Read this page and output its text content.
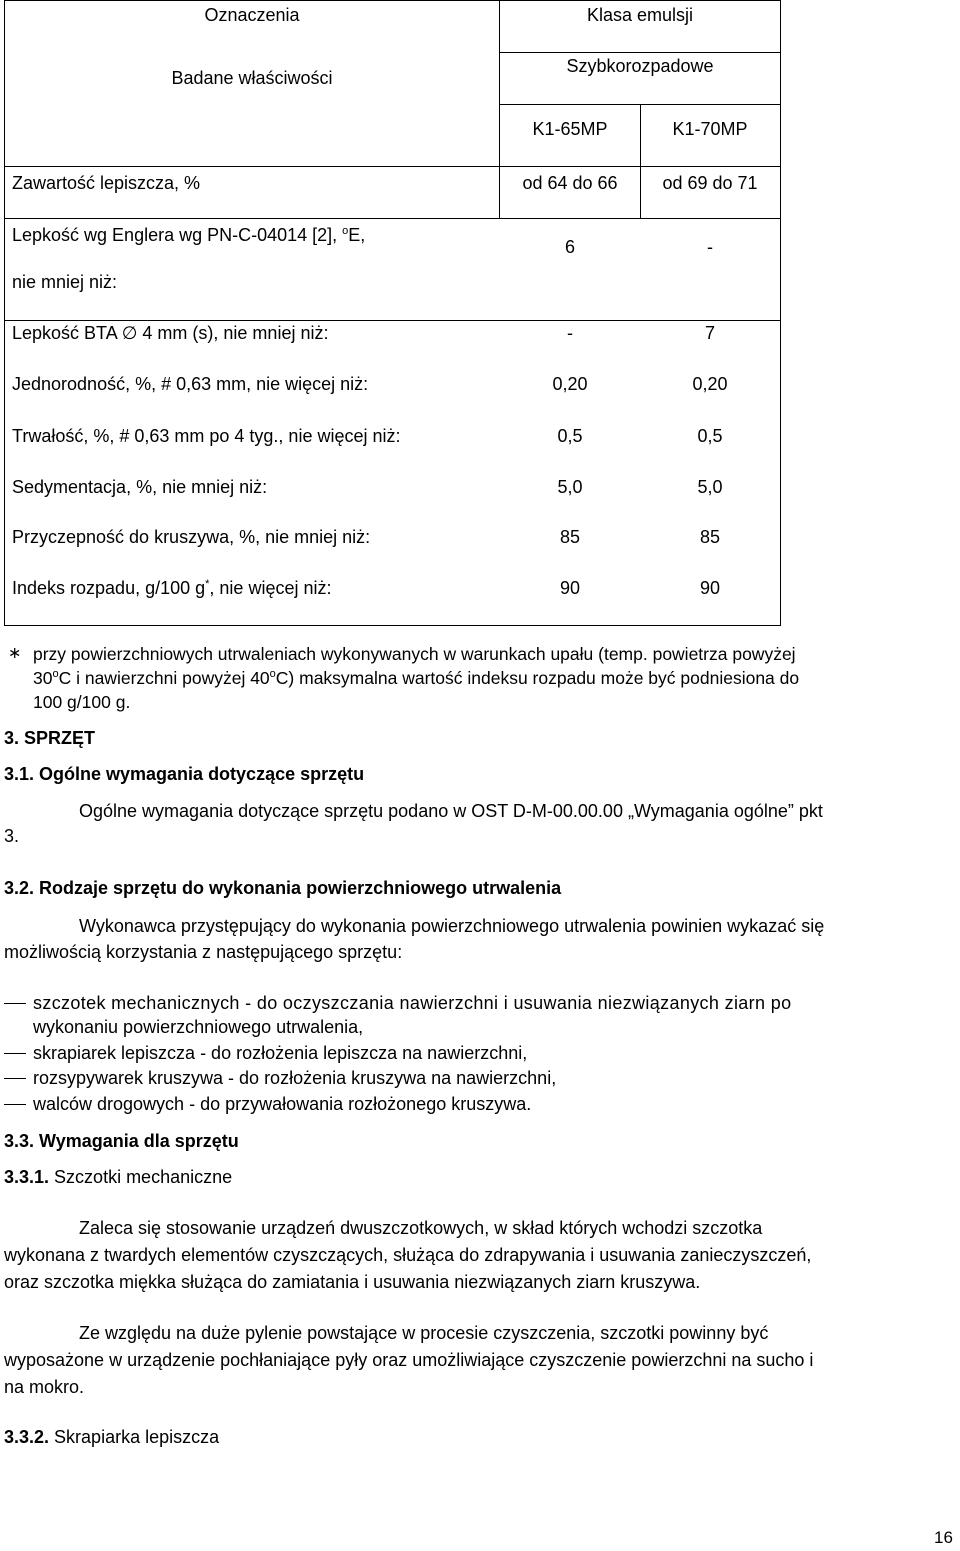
Oznaczenia	Klasa emulsji
Badane właściwości
Szybkorozpadowe
K1-65MP	K1-70MP
Zawartość lepiszcza, %	od 64 do 66 od 69 do 71
Lepkość wg Englera wg PN-C-04014 [2], $^o$E,
nie mniej niż:
6	-
Lepkość BTA ∅ 4 mm (s), nie mniej niż:	-	7
Jednorodność, %, # 0,63 mm, nie więcej niż:	0,20	0,20
Trwałość, %, # 0,63 mm po 4 tyg., nie więcej niż:	0,5	0,5
Sedymentacja, %, nie mniej niż:	5,0	5,0
Przyczepność do kruszywa, %, nie mniej niż:	85	85
Indeks rozpadu, g/100 g*, nie więcej niż:	90	90
∗ przy powierzchniowych utrwaleniach wykonywanych w warunkach upału (temp. powietrza powyżej
30$^o$C i nawierzchni powyżej 40$^o$C) maksymalna wartość indeksu rozpadu może być podniesiona do
100 g/100 g.
3. SPRZĘT
3.1. Ogólne wymagania dotyczące sprzętu
Ogólne wymagania dotyczące sprzętu podano w OST D-M-00.00.00 „Wymagania ogólne” pkt
3.
3.2. Rodzaje sprzętu do wykonania powierzchniowego utrwalenia
Wykonawca przystępujący do wykonania powierzchniowego utrwalenia powinien wykazać się
możliwością korzystania z następującego sprzętu:
szczotek mechanicznych - do oczyszczania nawierzchni i usuwania niezwiązanych ziarn po
wykonaniu powierzchniowego utrwalenia,
skrapiarek lepiszcza - do rozłożenia lepiszcza na nawierzchni,
rozsypywarek kruszywa - do rozłożenia kruszywa na nawierzchni,
walców drogowych - do przywałowania rozłożonego kruszywa.
3.3. Wymagania dla sprzętu
3.3.1. Szczotki mechaniczne
Zaleca się stosowanie urządzeń dwuszczotkowych, w skład których wchodzi szczotka
wykonana z twardych elementów czyszczących, służąca do zdrapywania i usuwania zanieczyszczeń,
oraz szczotka miękka służąca do zamiatania i usuwania niezwiązanych ziarn kruszywa.
Ze względu na duże pylenie powstające w procesie czyszczenia, szczotki powinny być
wyposażone w urządzenie pochłaniające pyły oraz umożliwiające czyszczenie powierzchni na sucho i
na mokro.
3.3.2. Skrapiarka lepiszcza
16
